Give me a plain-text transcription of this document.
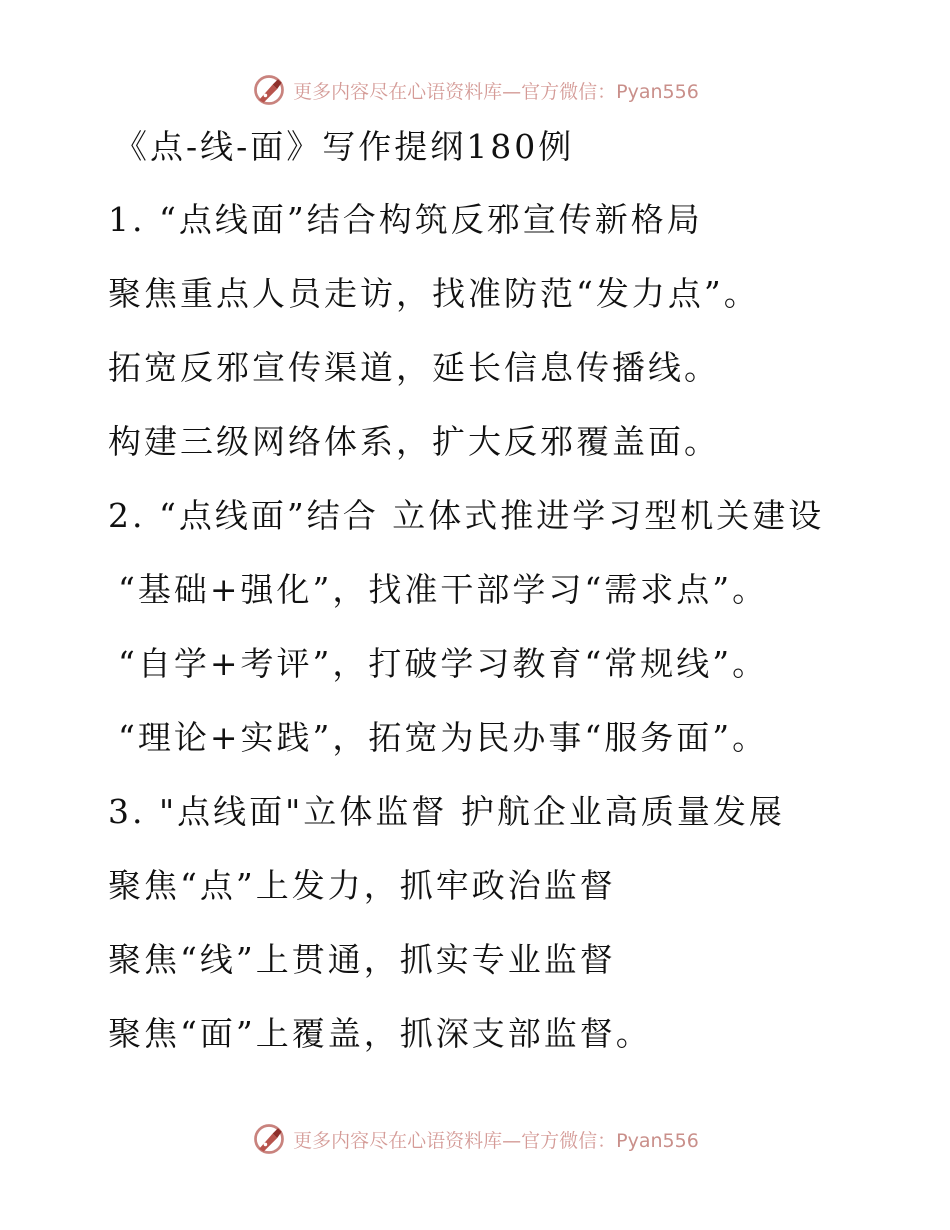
更多内容尽在心语资料库—官方微信：Pyan556
《点-线-面》写作提纲180例
1. “点线面”结合构筑反邪宣传新格局
聚焦重点人员走访，找准防范“发力点”。
拓宽反邪宣传渠道，延长信息传播线。
构建三级网络体系，扩大反邪覆盖面。
2. “点线面”结合 立体式推进学习型机关建设
“基础+强化”，找准干部学习“需求点”。
“自学+考评”，打破学习教育“常规线”。
“理论+实践”，拓宽为民办事“服务面”。
3. "点线面"立体监督 护航企业高质量发展
聚焦“点”上发力，抓牢政治监督
聚焦“线”上贯通，抓实专业监督
聚焦“面”上覆盖，抓深支部监督。
更多内容尽在心语资料库—官方微信：Pyan556
